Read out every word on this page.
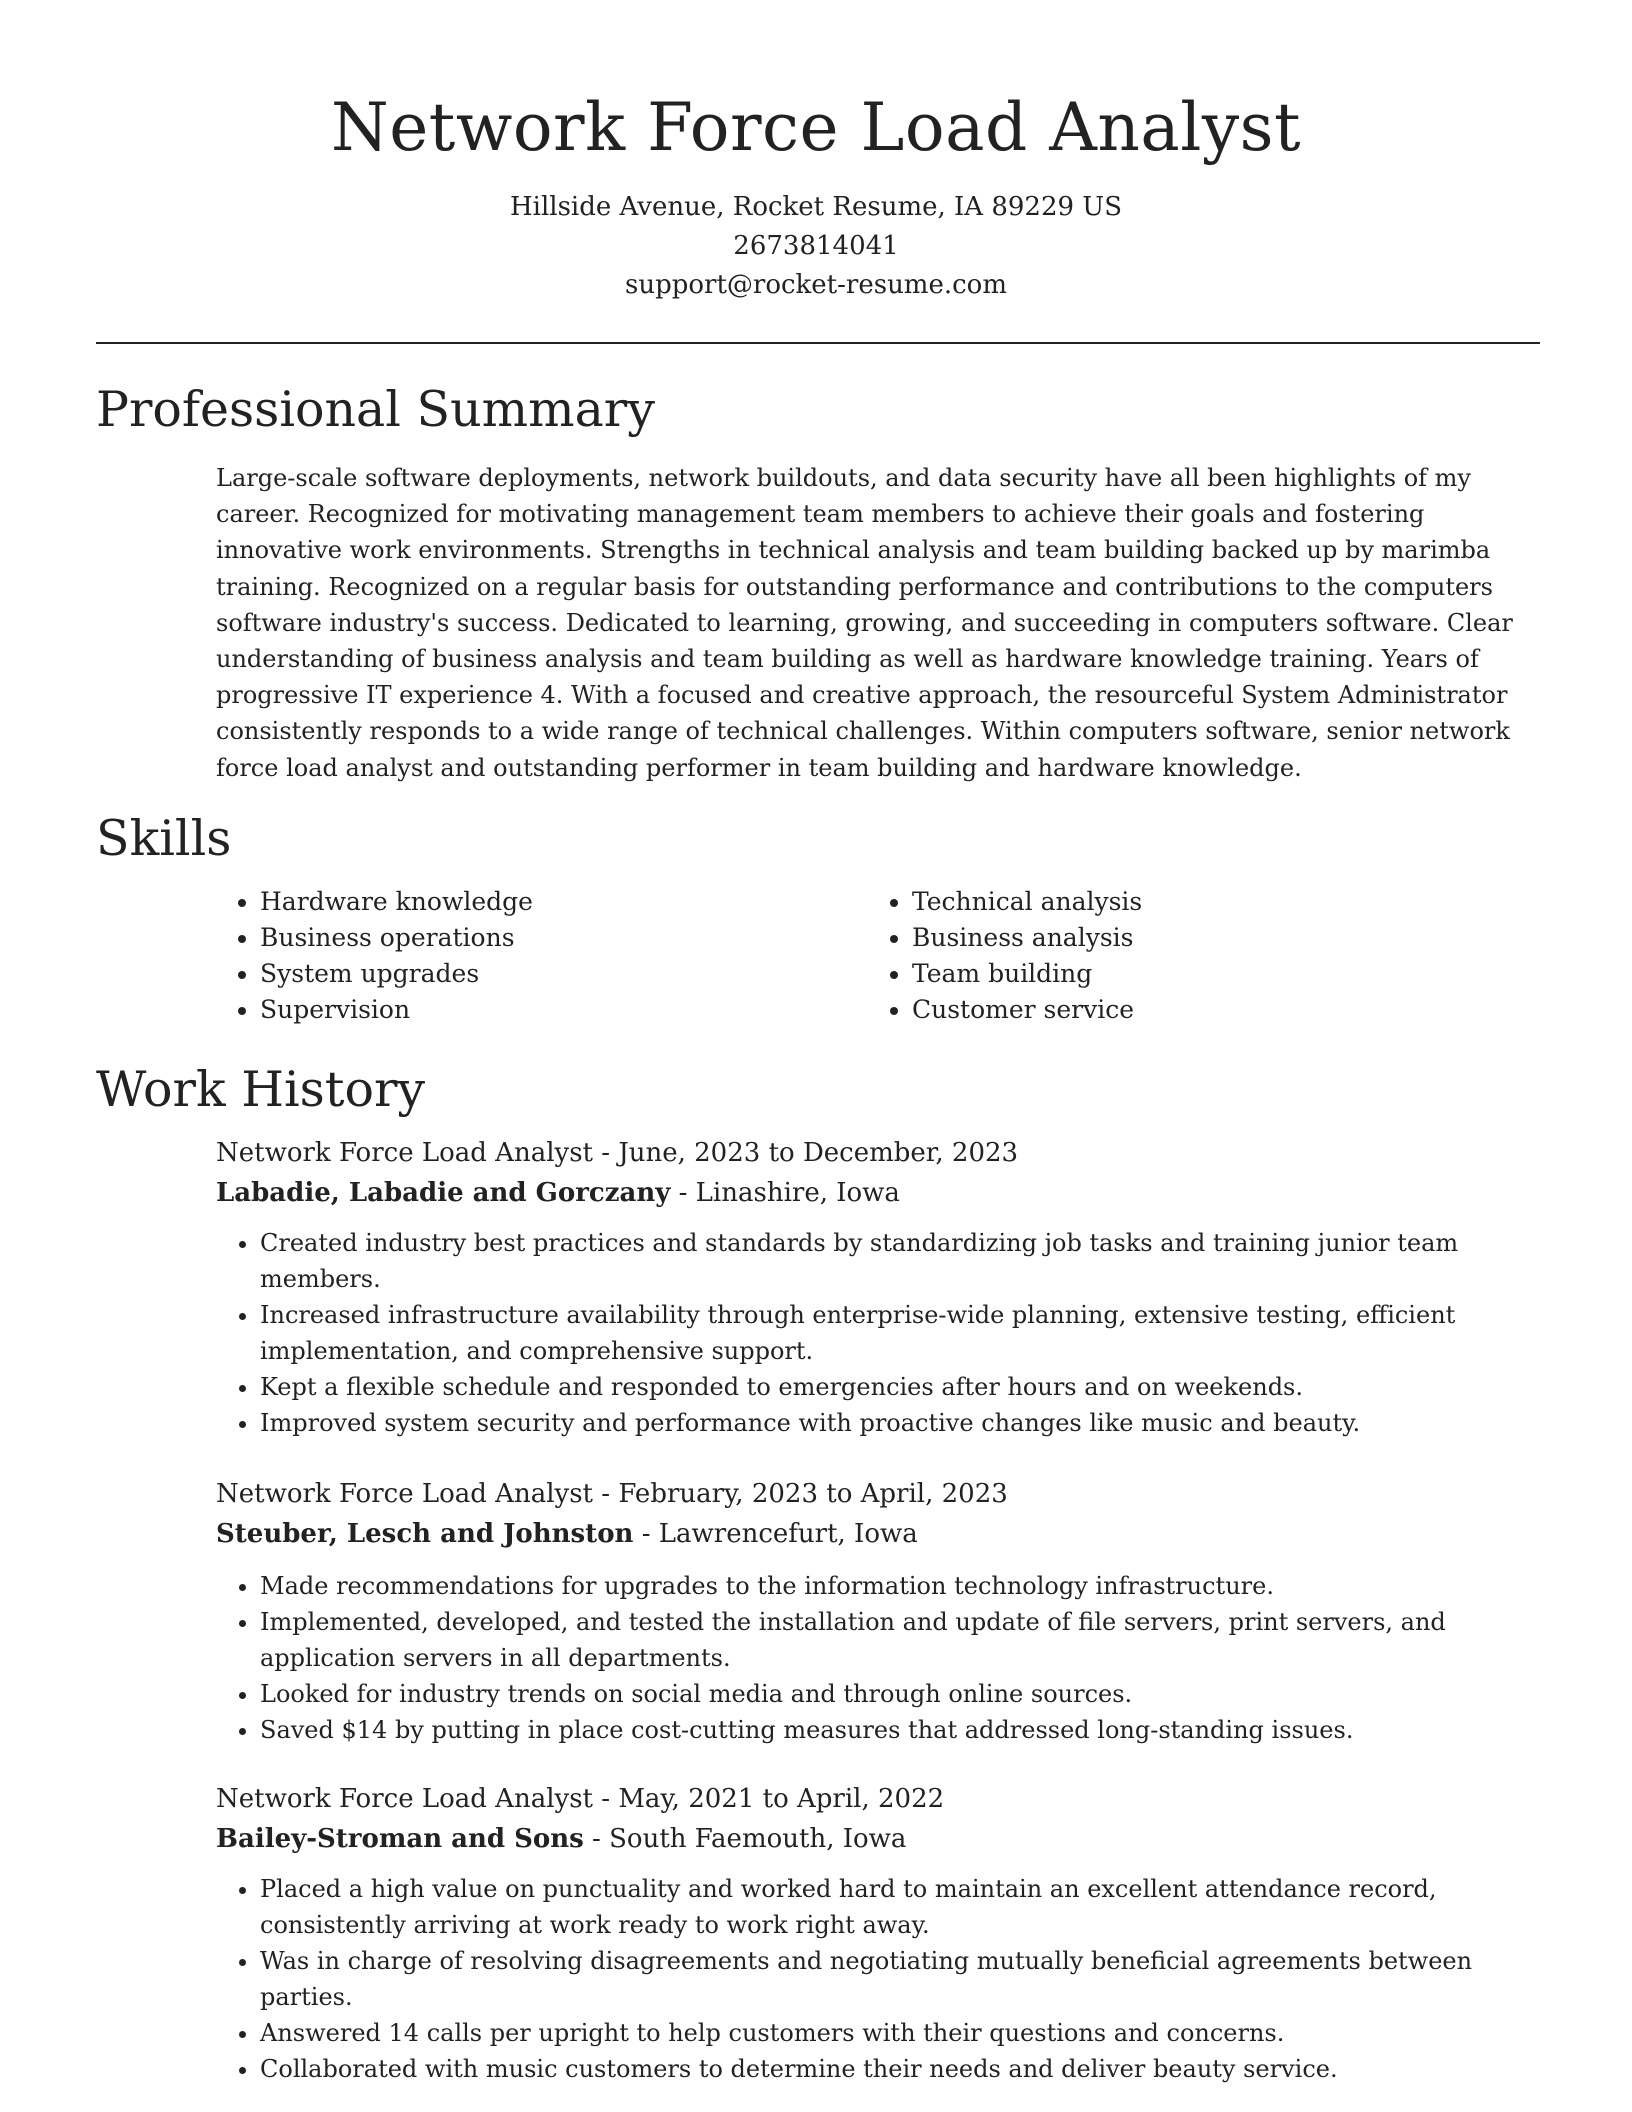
Network Force Load Analyst
Hillside Avenue, Rocket Resume, IA 89229 US
2673814041
support@rocket-resume.com
Professional Summary

Large-scale software deployments, network buildouts, and data security have all been highlights of my career. Recognized for motivating management team members to achieve their goals and fostering innovative work environments. Strengths in technical analysis and team building backed up by marimba training. Recognized on a regular basis for outstanding performance and contributions to the computers software industry's success. Dedicated to learning, growing, and succeeding in computers software. Clear understanding of business analysis and team building as well as hardware knowledge training. Years of progressive IT experience 4. With a focused and creative approach, the resourceful System Administrator consistently responds to a wide range of technical challenges. Within computers software, senior network force load analyst and outstanding performer in team building and hardware knowledge.

Skills
• Hardware knowledge
• Business operations
• System upgrades
• Supervision
• Technical analysis
• Business analysis
• Team building
• Customer service
Work History

Network Force Load Analyst - June, 2023 to December, 2023

Labadie, Labadie and Gorczany - Linashire, Iowa

• Created industry best practices and standards by standardizing job tasks and training junior team members.
• Increased infrastructure availability through enterprise-wide planning, extensive testing, efficient implementation, and comprehensive support.
• Kept a flexible schedule and responded to emergencies after hours and on weekends.
• Improved system security and performance with proactive changes like music and beauty.

Network Force Load Analyst - February, 2023 to April, 2023

Steuber, Lesch and Johnston - Lawrencefurt, Iowa

• Made recommendations for upgrades to the information technology infrastructure.
• Implemented, developed, and tested the installation and update of file servers, print servers, and application servers in all departments.
• Looked for industry trends on social media and through online sources.
• Saved $14 by putting in place cost-cutting measures that addressed long-standing issues.

Network Force Load Analyst - May, 2021 to April, 2022

Bailey-Stroman and Sons - South Faemouth, Iowa

• Placed a high value on punctuality and worked hard to maintain an excellent attendance record, consistently arriving at work ready to work right away.
• Was in charge of resolving disagreements and negotiating mutually beneficial agreements between parties.
• Answered 14 calls per upright to help customers with their questions and concerns.
• Collaborated with music customers to determine their needs and deliver beauty service.
